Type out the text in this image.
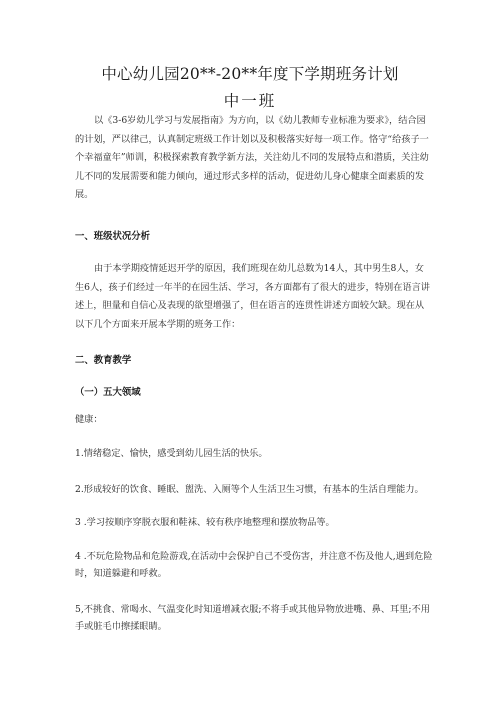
中心幼儿园20**-20**年度下学期班务计划
中一班

以《3-6岁幼儿学习与发展指南》为方向，以《幼儿教师专业标准为要求》，结合园的计划，严以律己，认真制定班级工作计划以及积极落实好每一项工作。恪守“给孩子一个幸福童年”师训，积极探索教育教学新方法，关注幼儿不同的发展特点和潜质，关注幼儿不同的发展需要和能力倾向，通过形式多样的活动，促进幼儿身心健康全面素质的发展。

一、班级状况分析

由于本学期疫情延迟开学的原因，我们班现在幼儿总数为14人，其中男生8人，女生6人，孩子们经过一年半的在园生活、学习，各方面都有了很大的进步，特别在语言讲述上，胆量和自信心及表现的欲望增强了，但在语言的连贯性讲述方面较欠缺。现在从以下几个方面来开展本学期的班务工作：

二、教育教学

（一）五大领域

健康：

1.情绪稳定、愉快，感受到幼儿园生活的快乐。

2.形成较好的饮食、睡眠、盥洗、入厕等个人生活卫生习惯，有基本的生活自理能力。

3 .学习按顺序穿脱衣服和鞋袜、较有秩序地整理和摆放物品等。

4 .不玩危险物品和危险游戏,在活动中会保护自己不受伤害，并注意不伤及他人,遇到危险时，知道躲避和呼救。

5,不挑食、常喝水、气温变化时知道增减衣服;不将手或其他异物放进嘴、鼻、耳里;不用手或脏毛巾擦揉眼睛。
